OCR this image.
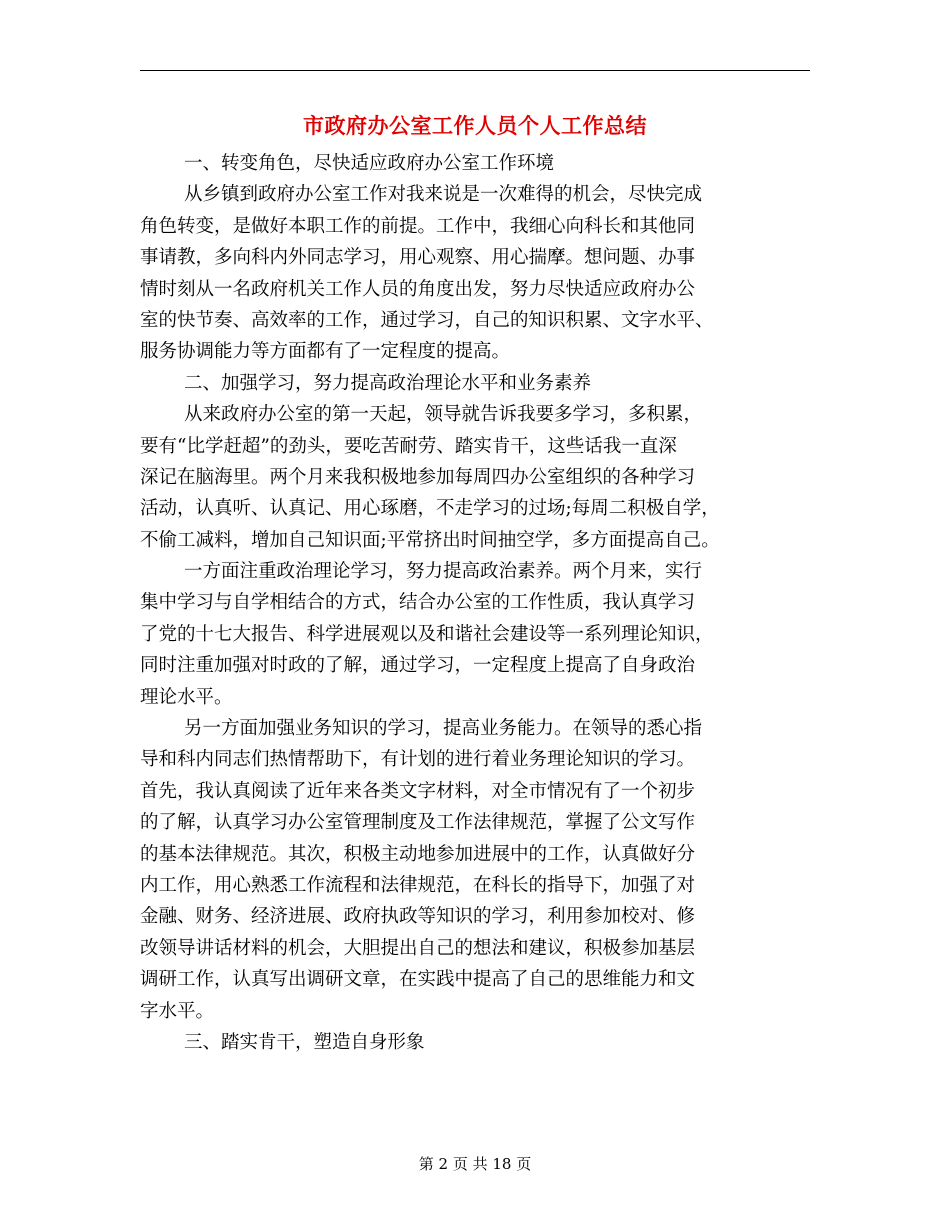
市政府办公室工作人员个人工作总结
一、转变角色，尽快适应政府办公室工作环境
从乡镇到政府办公室工作对我来说是一次难得的机会，尽快完成
角色转变，是做好本职工作的前提。工作中，我细心向科长和其他同
事请教，多向科内外同志学习，用心观察、用心揣摩。想问题、办事
情时刻从一名政府机关工作人员的角度出发，努力尽快适应政府办公
室的快节奏、高效率的工作，通过学习，自己的知识积累、文字水平、
服务协调能力等方面都有了一定程度的提高。
二、加强学习，努力提高政治理论水平和业务素养
从来政府办公室的第一天起，领导就告诉我要多学习，多积累，
要有“比学赶超”的劲头，要吃苦耐劳、踏实肯干，这些话我一直深
深记在脑海里。两个月来我积极地参加每周四办公室组织的各种学习
活动，认真听、认真记、用心琢磨，不走学习的过场;每周二积极自学，
不偷工减料，增加自己知识面;平常挤出时间抽空学，多方面提高自己。
一方面注重政治理论学习，努力提高政治素养。两个月来，实行
集中学习与自学相结合的方式，结合办公室的工作性质，我认真学习
了党的十七大报告、科学进展观以及和谐社会建设等一系列理论知识，
同时注重加强对时政的了解，通过学习，一定程度上提高了自身政治
理论水平。
另一方面加强业务知识的学习，提高业务能力。在领导的悉心指
导和科内同志们热情帮助下，有计划的进行着业务理论知识的学习。
首先，我认真阅读了近年来各类文字材料，对全市情况有了一个初步
的了解，认真学习办公室管理制度及工作法律规范，掌握了公文写作
的基本法律规范。其次，积极主动地参加进展中的工作，认真做好分
内工作，用心熟悉工作流程和法律规范，在科长的指导下，加强了对
金融、财务、经济进展、政府执政等知识的学习，利用参加校对、修
改领导讲话材料的机会，大胆提出自己的想法和建议，积极参加基层
调研工作，认真写出调研文章，在实践中提高了自己的思维能力和文
字水平。
三、踏实肯干，塑造自身形象
第 2 页 共 18 页
